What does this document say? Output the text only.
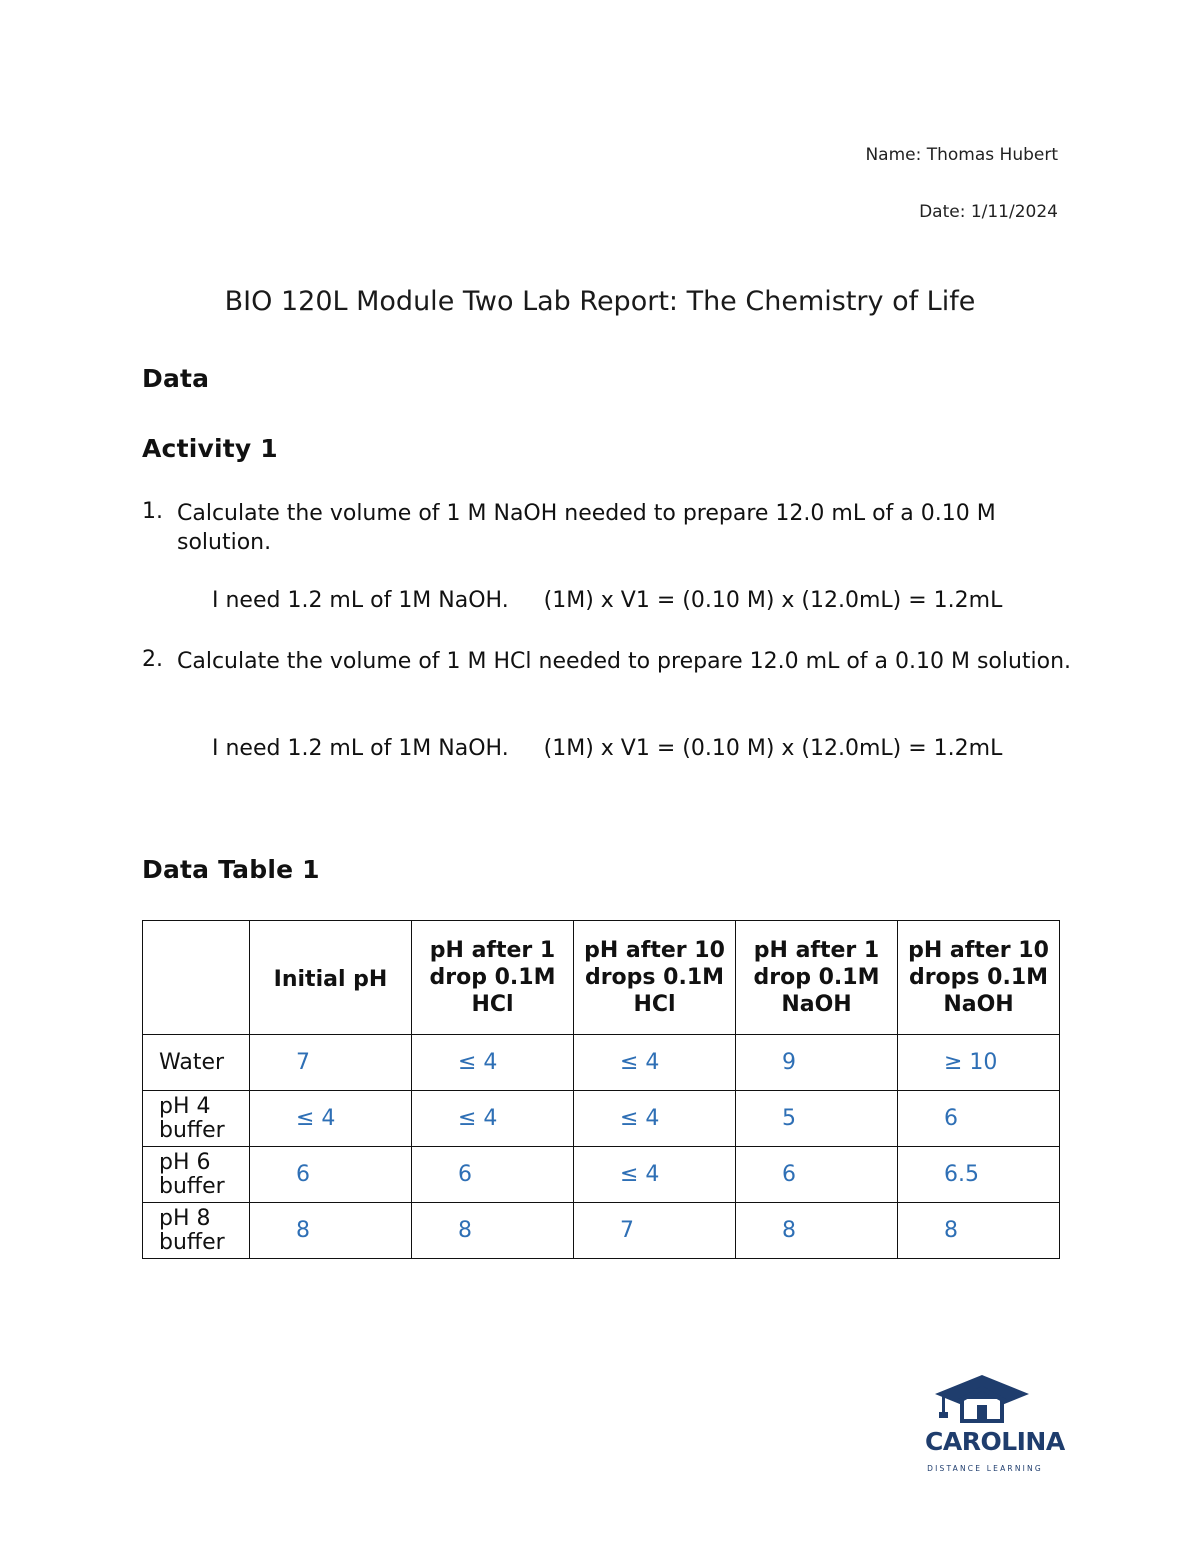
Name: Thomas Hubert
Date: 1/11/2024
BIO 120L Module Two Lab Report: The Chemistry of Life
Data
Activity 1
1. Calculate the volume of 1 M NaOH needed to prepare 12.0 mL of a 0.10 M solution.
I need 1.2 mL of 1M NaOH.     (1M) x V1 = (0.10 M) x (12.0mL) = 1.2mL
2. Calculate the volume of 1 M HCl needed to prepare 12.0 mL of a 0.10 M solution.
I need 1.2 mL of 1M NaOH.     (1M) x V1 = (0.10 M) x (12.0mL) = 1.2mL
Data Table 1
	Initial pH	pH after 1 drop 0.1M HCl	pH after 10 drops 0.1M HCl	pH after 1 drop 0.1M NaOH	pH after 10 drops 0.1M NaOH
Water	7	≤ 4	≤ 4	9	≥ 10
pH 4 buffer	≤ 4	≤ 4	≤ 4	5	6
pH 6 buffer	6	6	≤ 4	6	6.5
pH 8 buffer	8	8	7	8	8
CAROLINA
DISTANCE LEARNING
